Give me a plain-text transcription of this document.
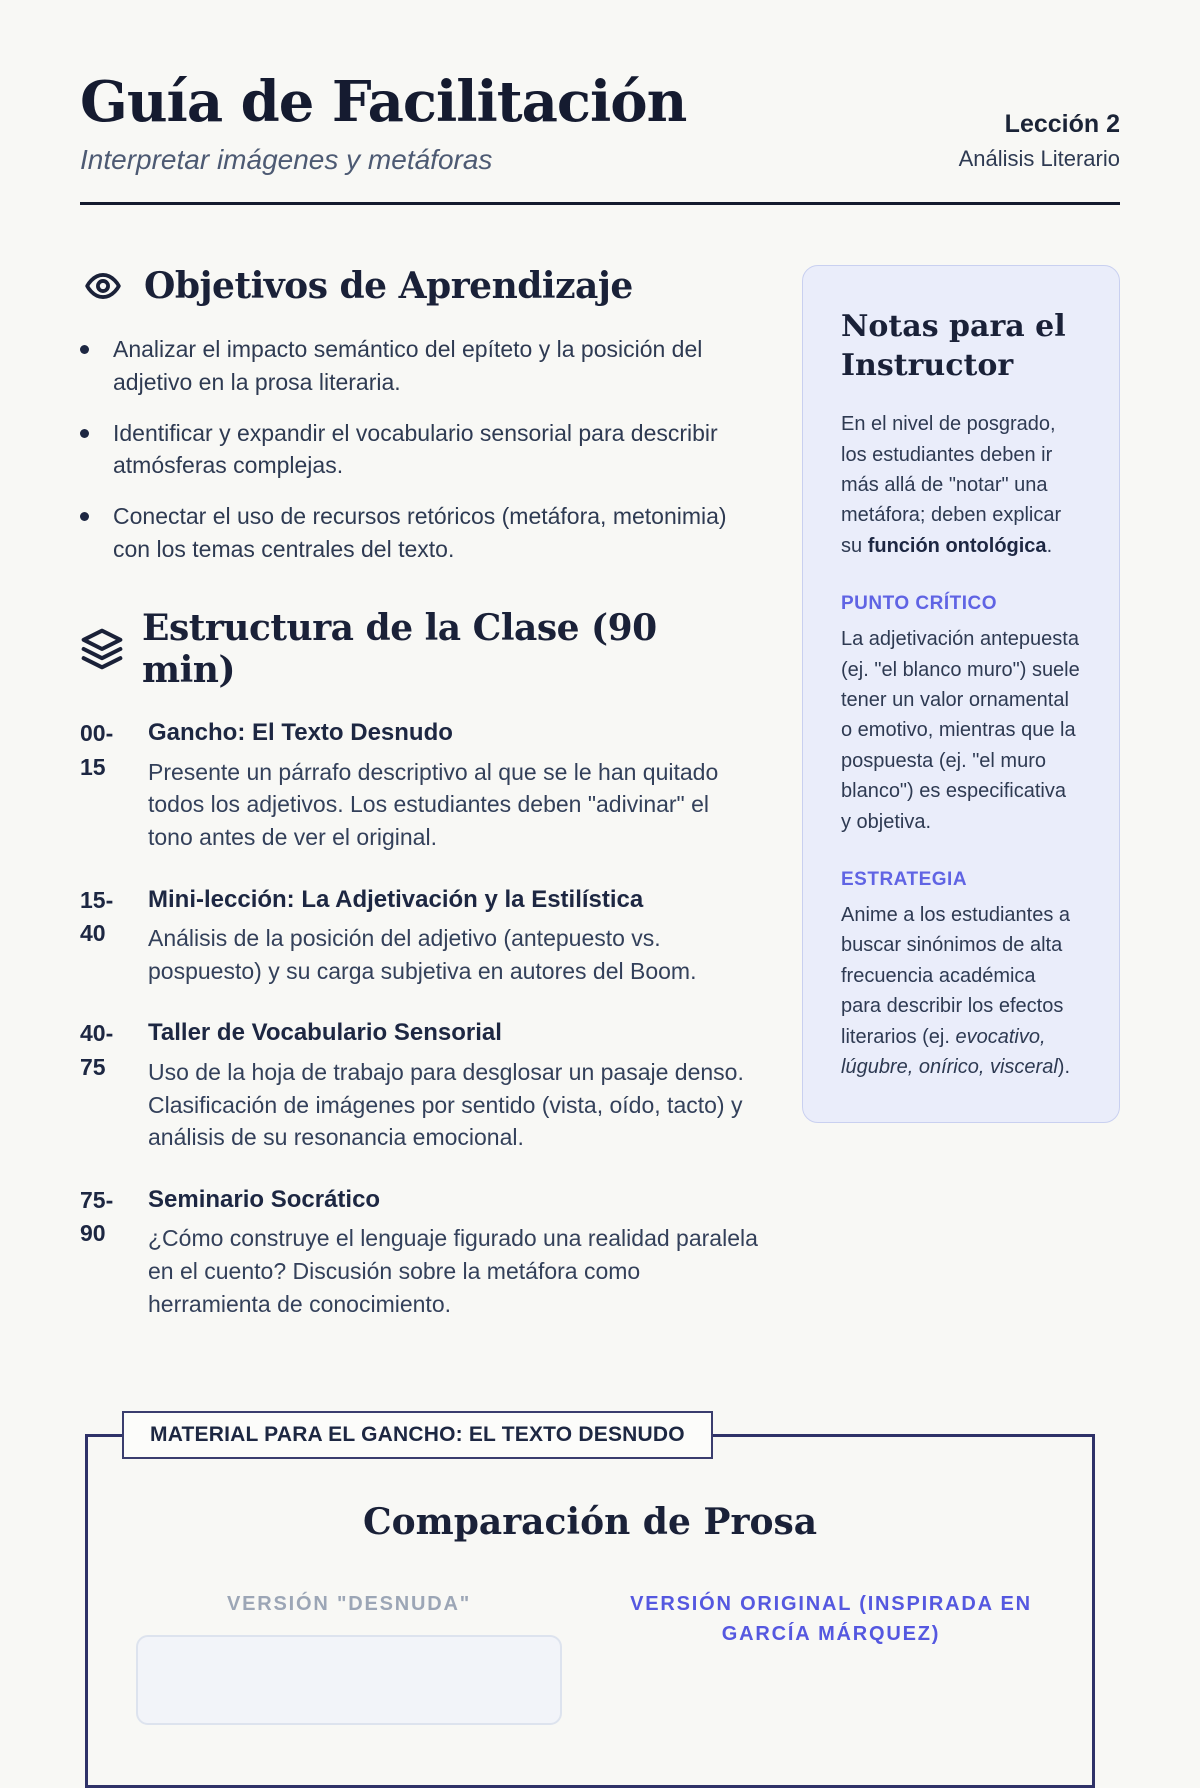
Guía de Facilitación

Interpretar imágenes y metáforas

Lección 2
Análisis Literario
Objetivos de Aprendizaje
Analizar el impacto semántico del epíteto y la posición del adjetivo en la prosa literaria.
Identificar y expandir el vocabulario sensorial para describir atmósferas complejas.
Conectar el uso de recursos retóricos (metáfora, metonimia) con los temas centrales del texto.
Estructura de la Clase (90 min)
00-
15
Gancho: El Texto Desnudo

Presente un párrafo descriptivo al que se le han quitado todos los adjetivos. Los estudiantes deben "adivinar" el tono antes de ver el original.

15-
40
Mini-lección: La Adjetivación y la Estilística

Análisis de la posición del adjetivo (antepuesto vs. pospuesto) y su carga subjetiva en autores del Boom.

40-
75
Taller de Vocabulario Sensorial

Uso de la hoja de trabajo para desglosar un pasaje denso. Clasificación de imágenes por sentido (vista, oído, tacto) y análisis de su resonancia emocional.

75-
90
Seminario Socrático

¿Cómo construye el lenguaje figurado una realidad paralela en el cuento? Discusión sobre la metáfora como herramienta de conocimiento.

Notas para el Instructor

En el nivel de posgrado, los estudiantes deben ir más allá de "notar" una metáfora; deben explicar su función ontológica.

PUNTO CRÍTICO

La adjetivación antepuesta (ej. "el blanco muro") suele tener un valor ornamental o emotivo, mientras que la pospuesta (ej. "el muro blanco") es especificativa y objetiva.

ESTRATEGIA

Anime a los estudiantes a buscar sinónimos de alta frecuencia académica para describir los efectos literarios (ej. evocativo, lúgubre, onírico, visceral).

MATERIAL PARA EL GANCHO: EL TEXTO DESNUDO
Comparación de Prosa
VERSIÓN "DESNUDA"	VERSIÓN ORIGINAL (INSPIRADA EN GARCÍA MÁRQUEZ)
